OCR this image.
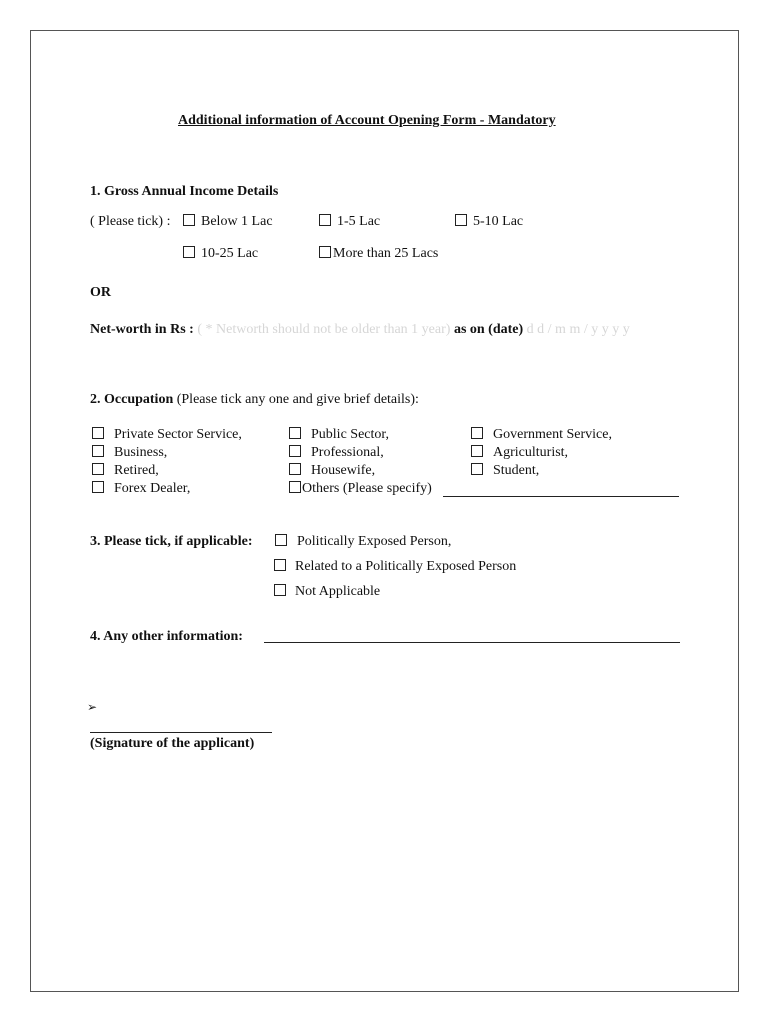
Additional information of Account Opening Form - Mandatory
1. Gross Annual Income Details
( Please tick) :	Below 1 Lac	1-5 Lac	5-10 Lac
10-25 Lac	More than 25 Lacs
OR
Net-worth in Rs : ( * Networth should not be older than 1 year) as on (date) d d / m m / y y y y
2. Occupation (Please tick any one and give brief details):
Private Sector Service,	Public Sector,	Government Service,
Business,	Professional,	Agriculturist,
Retired,	Housewife,	Student,
Forex Dealer,	Others (Please specify)
3. Please tick, if applicable:	Politically Exposed Person,
Related to a Politically Exposed Person
Not Applicable
4. Any other information:
➢
(Signature of the applicant)
